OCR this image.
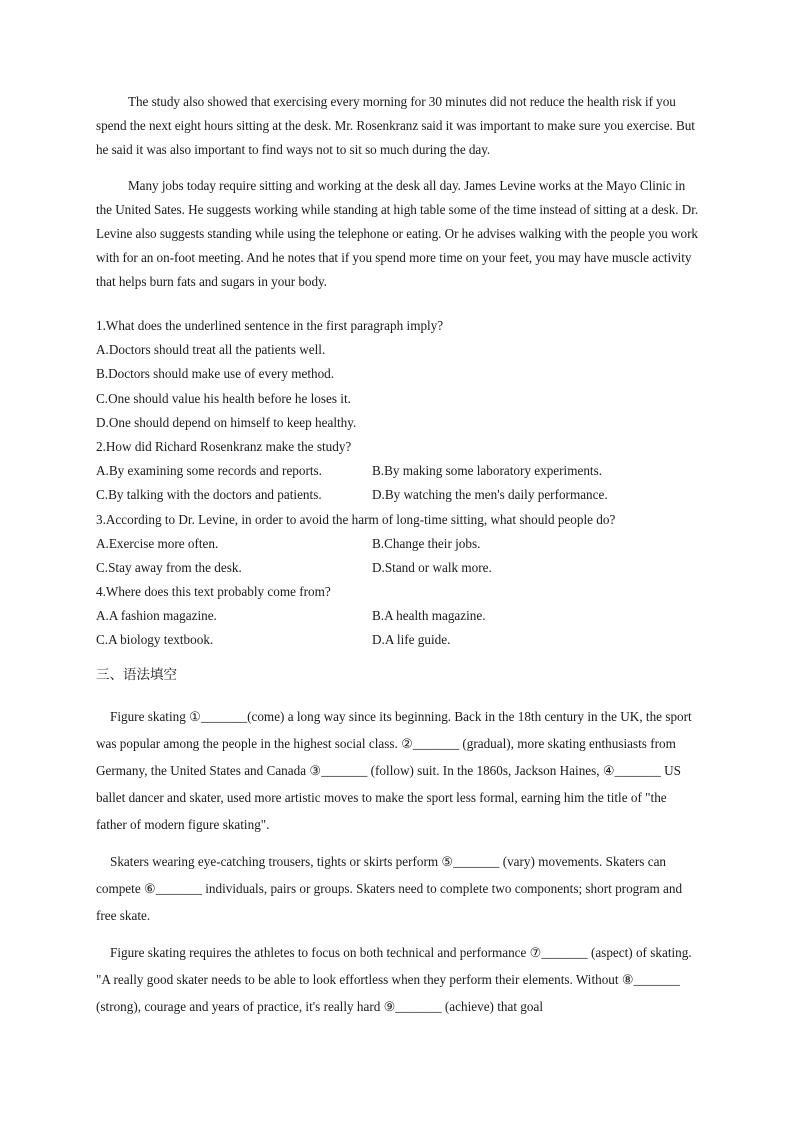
The study also showed that exercising every morning for 30 minutes did not reduce the health risk if you spend the next eight hours sitting at the desk. Mr. Rosenkranz said it was important to make sure you exercise. But he said it was also important to find ways not to sit so much during the day.

Many jobs today require sitting and working at the desk all day. James Levine works at the Mayo Clinic in the United Sates. He suggests working while standing at high table some of the time instead of sitting at a desk. Dr. Levine also suggests standing while using the telephone or eating. Or he advises walking with the people you work with for an on-foot meeting. And he notes that if you spend more time on your feet, you may have muscle activity that helps burn fats and sugars in your body.

1.What does the underlined sentence in the first paragraph imply?
A.Doctors should treat all the patients well.
B.Doctors should make use of every method.
C.One should value his health before he loses it.
D.One should depend on himself to keep healthy.
2.How did Richard Rosenkranz make the study?
A.By examining some records and reports.	B.By making some laboratory experiments.
C.By talking with the doctors and patients.	D.By watching the men's daily performance.
3.According to Dr. Levine, in order to avoid the harm of long-time sitting, what should people do?
A.Exercise more often.	B.Change their jobs.
C.Stay away from the desk.	D.Stand or walk more.
4.Where does this text probably come from?
A.A fashion magazine.	B.A health magazine.
C.A biology textbook.	D.A life guide.
三、语法填空

Figure skating ①_______(come) a long way since its beginning. Back in the 18th century in the UK, the sport was popular among the people in the highest social class. ②_______ (gradual), more skating enthusiasts from Germany, the United States and Canada ③_______ (follow) suit. In the 1860s, Jackson Haines, ④_______ US ballet dancer and skater, used more artistic moves to make the sport less formal, earning him the title of "the father of modern figure skating".

Skaters wearing eye-catching trousers, tights or skirts perform ⑤_______ (vary) movements. Skaters can compete ⑥_______ individuals, pairs or groups. Skaters need to complete two components; short program and free skate.

Figure skating requires the athletes to focus on both technical and performance ⑦_______ (aspect) of skating. "A really good skater needs to be able to look effortless when they perform their elements. Without ⑧_______ (strong), courage and years of practice, it's really hard ⑨_______ (achieve) that goal
